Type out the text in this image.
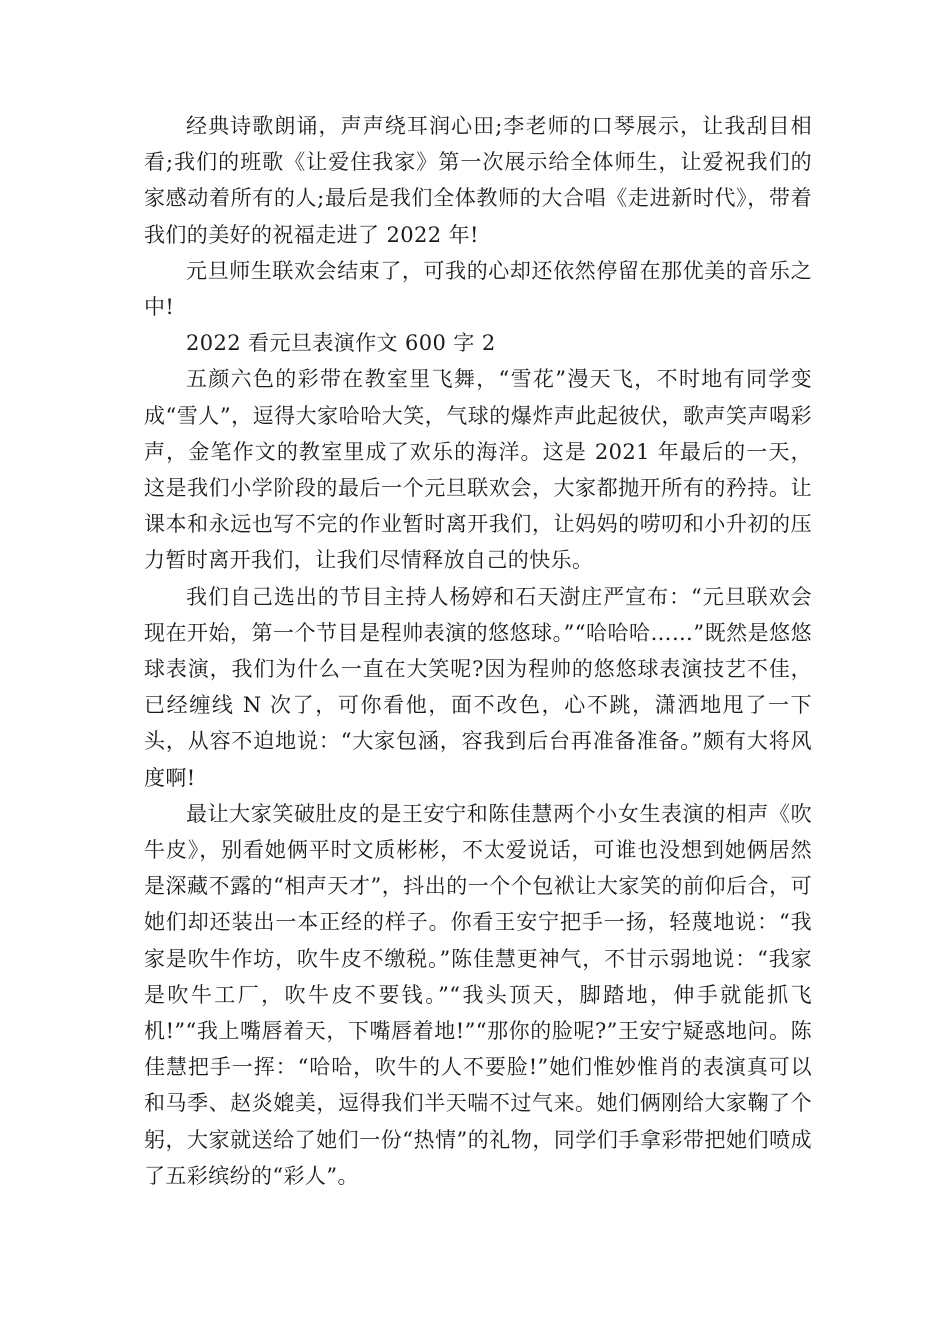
经典诗歌朗诵，声声绕耳润心田;李老师的口琴展示，让我刮目相看;我们的班歌《让爱住我家》第一次展示给全体师生，让爱祝我们的家感动着所有的人;最后是我们全体教师的大合唱《走进新时代》，带着我们的美好的祝福走进了 2022 年!

元旦师生联欢会结束了，可我的心却还依然停留在那优美的音乐之中!

2022 看元旦表演作文 600 字 2

五颜六色的彩带在教室里飞舞，“雪花”漫天飞，不时地有同学变成“雪人”，逗得大家哈哈大笑，气球的爆炸声此起彼伏，歌声笑声喝彩声，金笔作文的教室里成了欢乐的海洋。这是 2021 年最后的一天，这是我们小学阶段的最后一个元旦联欢会，大家都抛开所有的矜持。让课本和永远也写不完的作业暂时离开我们，让妈妈的唠叨和小升初的压力暂时离开我们，让我们尽情释放自己的快乐。

我们自己选出的节目主持人杨婷和石天澍庄严宣布：“元旦联欢会现在开始，第一个节目是程帅表演的悠悠球。”“哈哈哈……”既然是悠悠球表演，我们为什么一直在大笑呢?因为程帅的悠悠球表演技艺不佳，已经缠线 N 次了，可你看他，面不改色，心不跳，潇洒地甩了一下头，从容不迫地说：“大家包涵，容我到后台再准备准备。”颇有大将风度啊!

最让大家笑破肚皮的是王安宁和陈佳慧两个小女生表演的相声《吹牛皮》，别看她俩平时文质彬彬，不太爱说话，可谁也没想到她俩居然是深藏不露的“相声天才”，抖出的一个个包袱让大家笑的前仰后合，可她们却还装出一本正经的样子。你看王安宁把手一扬，轻蔑地说：“我家是吹牛作坊，吹牛皮不缴税。”陈佳慧更神气，不甘示弱地说：“我家是吹牛工厂，吹牛皮不要钱。”“我头顶天，脚踏地，伸手就能抓飞机!”“我上嘴唇着天，下嘴唇着地!”“那你的脸呢?”王安宁疑惑地问。陈佳慧把手一挥：“哈哈，吹牛的人不要脸!”她们惟妙惟肖的表演真可以和马季、赵炎媲美，逗得我们半天喘不过气来。她们俩刚给大家鞠了个躬，大家就送给了她们一份“热情”的礼物，同学们手拿彩带把她们喷成了五彩缤纷的“彩人”。
